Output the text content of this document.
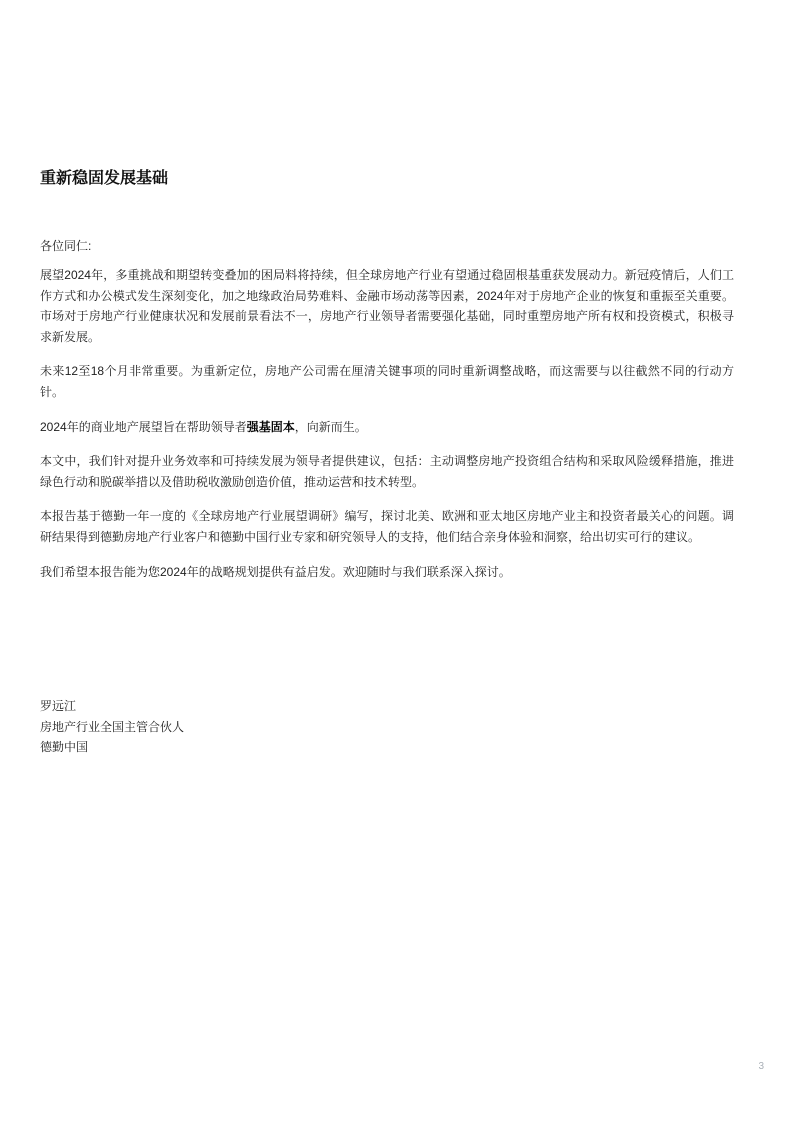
重新稳固发展基础

各位同仁:

展望2024年，多重挑战和期望转变叠加的困局料将持续，但全球房地产行业有望通过稳固根基重获发展动力。新冠疫情后，人们工作方式和办公模式发生深刻变化，加之地缘政治局势难料、金融市场动荡等因素，2024年对于房地产企业的恢复和重振至关重要。市场对于房地产行业健康状况和发展前景看法不一，房地产行业领导者需要强化基础，同时重塑房地产所有权和投资模式，积极寻求新发展。

未来12至18个月非常重要。为重新定位，房地产公司需在厘清关键事项的同时重新调整战略，而这需要与以往截然不同的行动方针。

2024年的商业地产展望旨在帮助领导者强基固本，向新而生。

本文中，我们针对提升业务效率和可持续发展为领导者提供建议，包括：主动调整房地产投资组合结构和采取风险缓释措施，推进绿色行动和脱碳举措以及借助税收激励创造价值，推动运营和技术转型。

本报告基于德勤一年一度的《全球房地产行业展望调研》编写，探讨北美、欧洲和亚太地区房地产业主和投资者最关心的问题。调研结果得到德勤房地产行业客户和德勤中国行业专家和研究领导人的支持，他们结合亲身体验和洞察，给出切实可行的建议。

我们希望本报告能为您2024年的战略规划提供有益启发。欢迎随时与我们联系深入探讨。

罗远江
房地产行业全国主管合伙人
德勤中国
3
